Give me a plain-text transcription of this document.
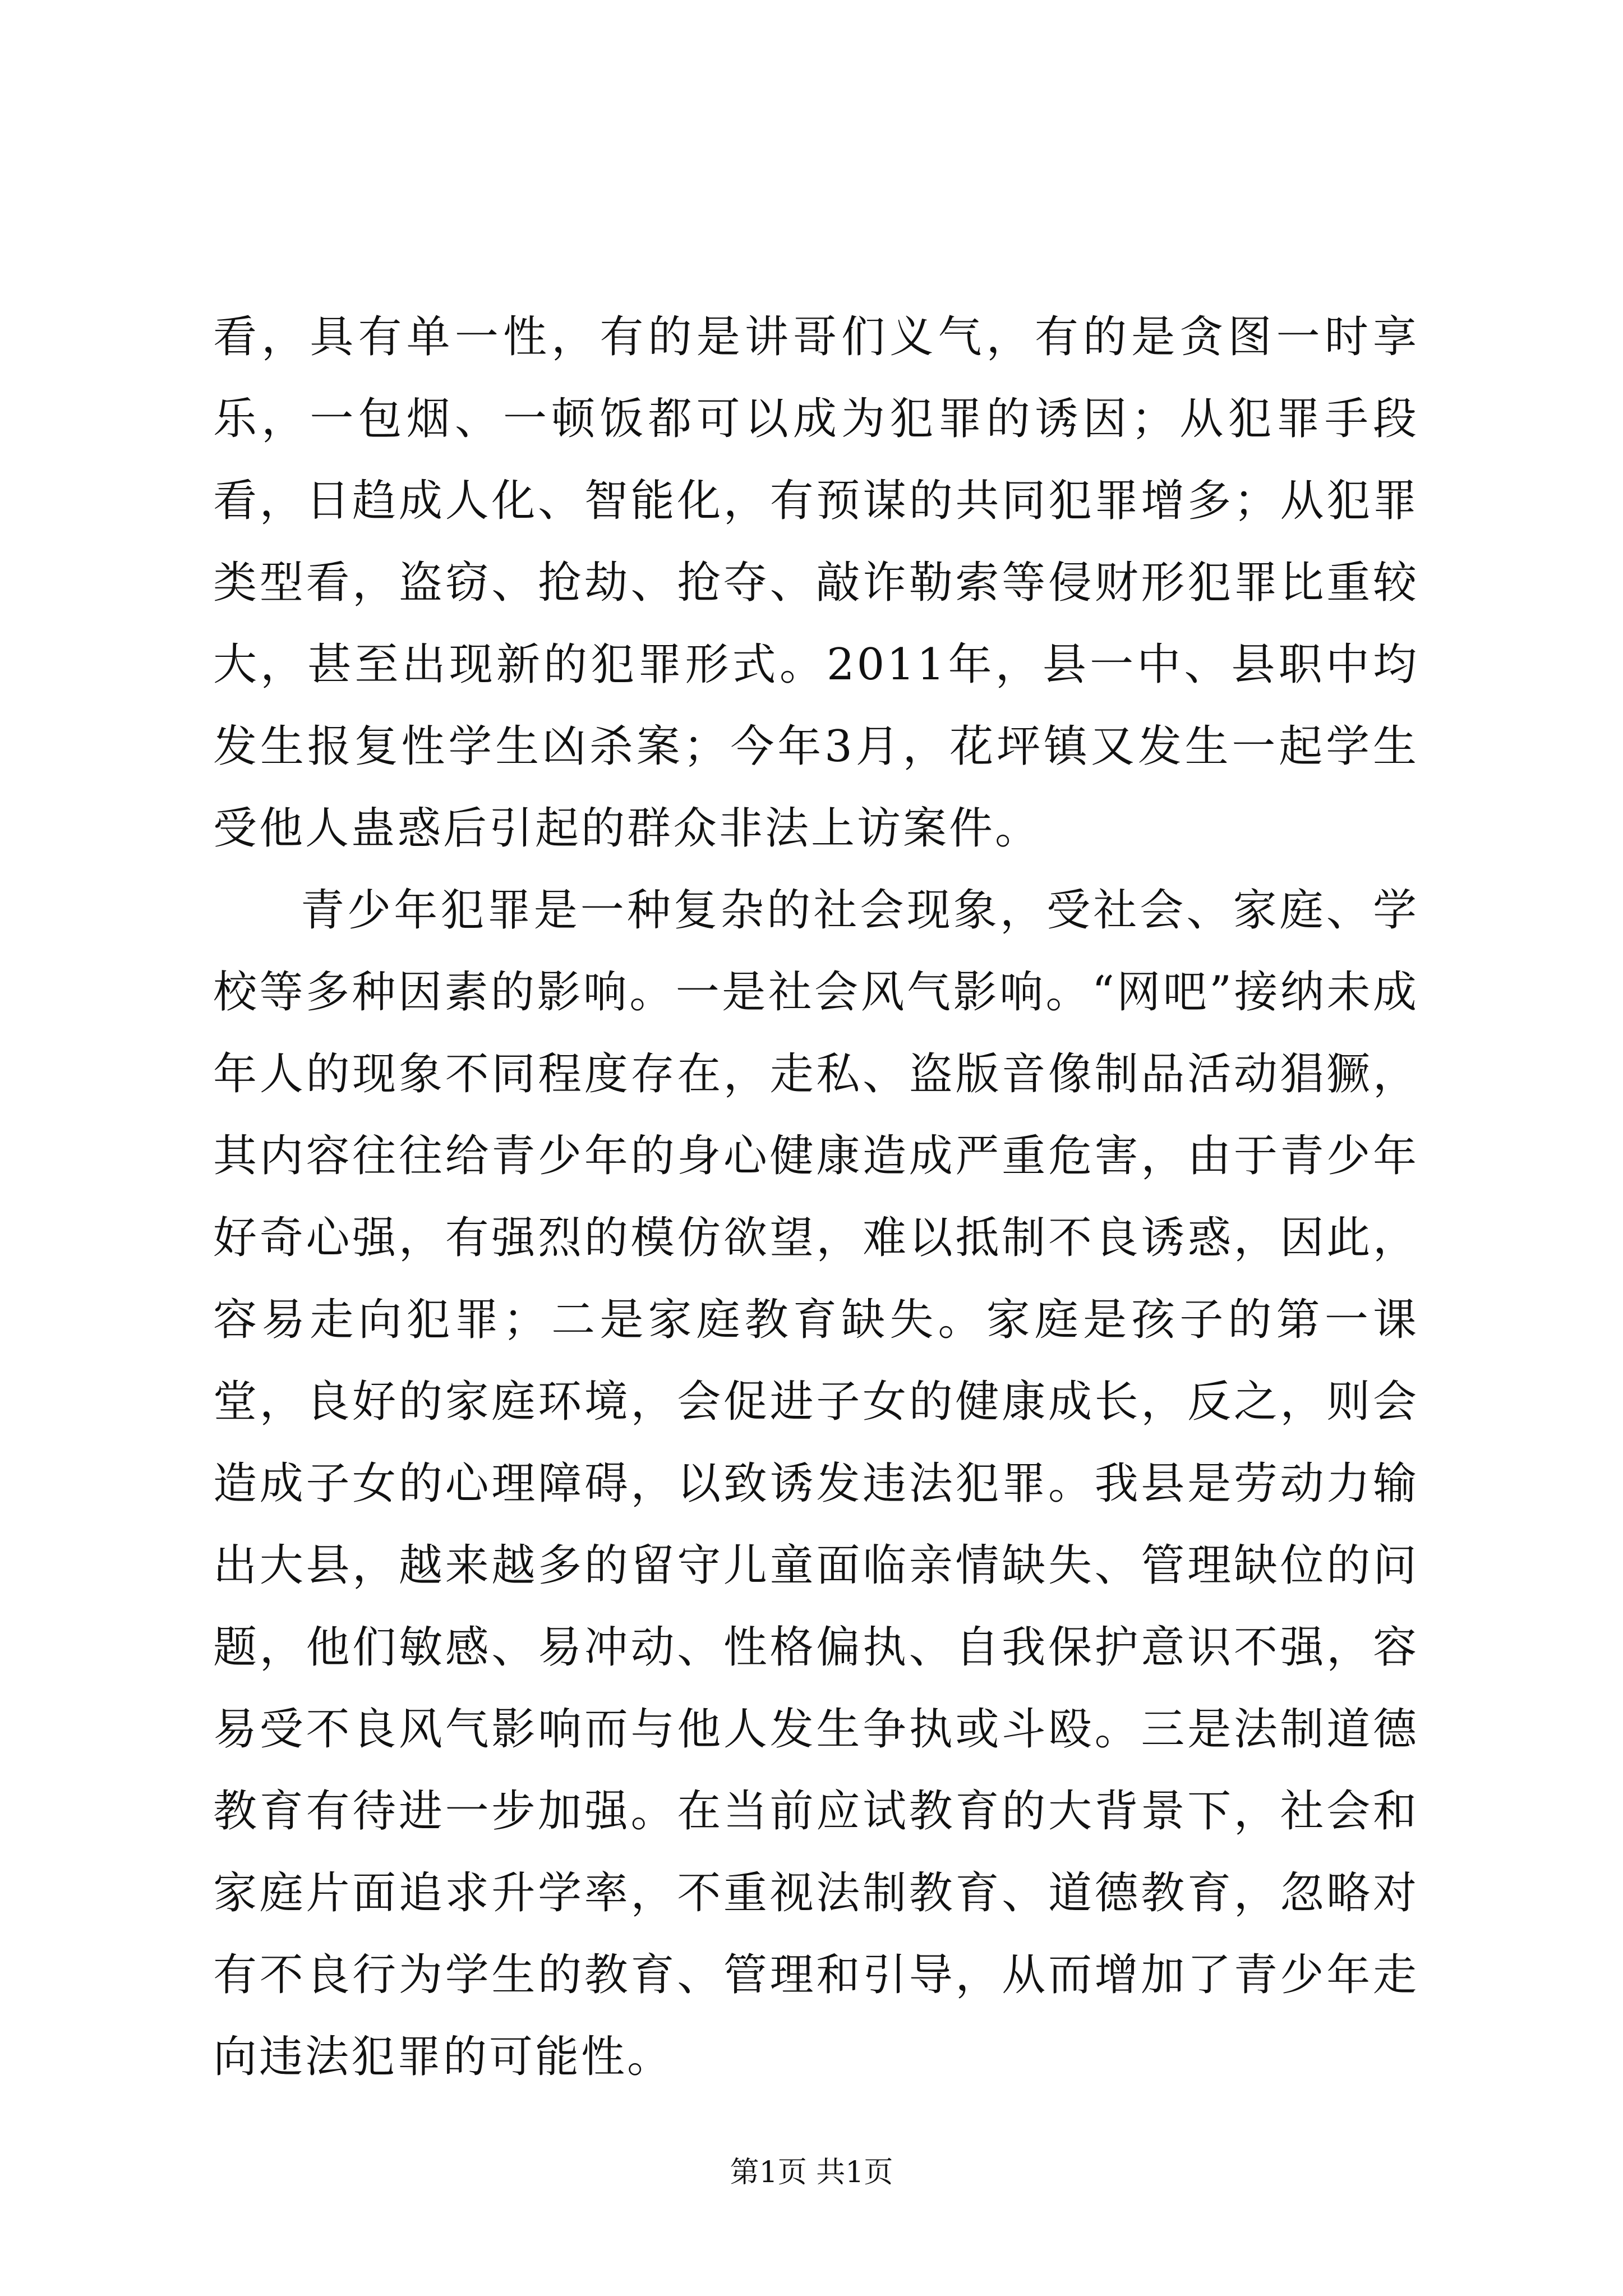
看，具有单一性，有的是讲哥们义气，有的是贪图一时享乐，一包烟、一顿饭都可以成为犯罪的诱因；从犯罪手段看，日趋成人化、智能化，有预谋的共同犯罪增多；从犯罪类型看，盗窃、抢劫、抢夺、敲诈勒索等侵财形犯罪比重较大，甚至出现新的犯罪形式。2011年，县一中、县职中均发生报复性学生凶杀案；今年3月，花坪镇又发生一起学生受他人蛊惑后引起的群众非法上访案件。

青少年犯罪是一种复杂的社会现象，受社会、家庭、学校等多种因素的影响。一是社会风气影响。“网吧”接纳未成年人的现象不同程度存在，走私、盗版音像制品活动猖獗，其内容往往给青少年的身心健康造成严重危害，由于青少年好奇心强，有强烈的模仿欲望，难以抵制不良诱惑，因此，容易走向犯罪；二是家庭教育缺失。家庭是孩子的第一课堂，良好的家庭环境，会促进子女的健康成长，反之，则会造成子女的心理障碍，以致诱发违法犯罪。我县是劳动力输出大县，越来越多的留守儿童面临亲情缺失、管理缺位的问题，他们敏感、易冲动、性格偏执、自我保护意识不强，容易受不良风气影响而与他人发生争执或斗殴。三是法制道德教育有待进一步加强。在当前应试教育的大背景下，社会和家庭片面追求升学率，不重视法制教育、道德教育，忽略对有不良行为学生的教育、管理和引导，从而增加了青少年走向违法犯罪的可能性。

第1页 共1页
